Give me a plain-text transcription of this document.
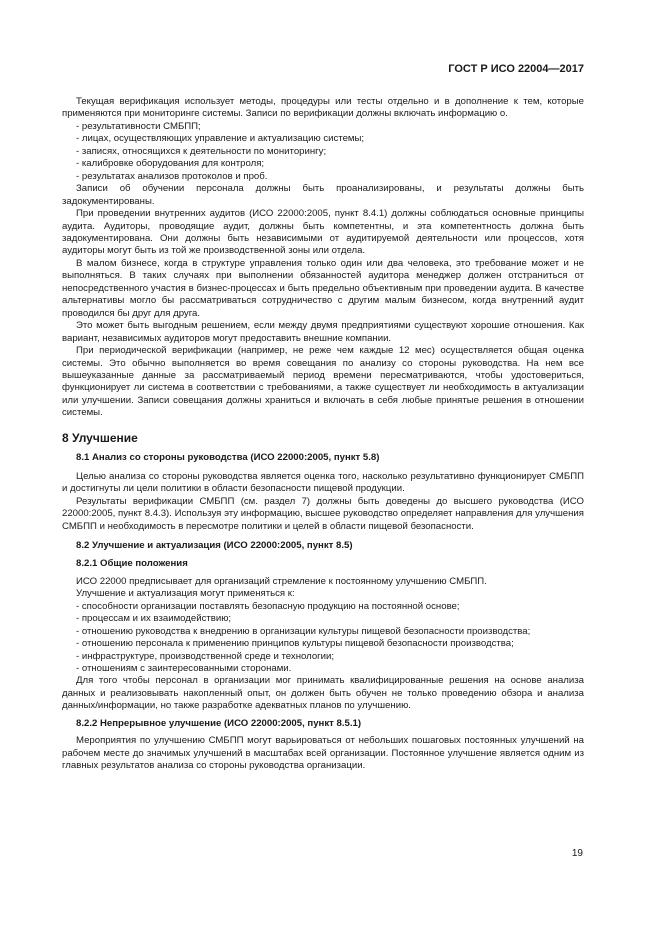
ГОСТ Р ИСО 22004—2017
Текущая верификация использует методы, процедуры или тесты отдельно и в дополнение к тем, которые применяются при мониторинге системы. Записи по верификации должны включать информацию о.
- результативности СМБПП;
- лицах, осуществляющих управление и актуализацию системы;
- записях, относящихся к деятельности по мониторингу;
- калибровке оборудования для контроля;
- результатах анализов протоколов и проб.
Записи об обучении персонала должны быть проанализированы, и результаты должны быть задокументированы.
При проведении внутренних аудитов (ИСО 22000:2005, пункт 8.4.1) должны соблюдаться основные принципы аудита. Аудиторы, проводящие аудит, должны быть компетентны, и эта компетентность должна быть задокументирована. Они должны быть независимыми от аудитируемой деятельности или процессов, хотя аудиторы могут быть из той же производственной зоны или отдела.
В малом бизнесе, когда в структуре управления только один или два человека, это требование может и не выполняться. В таких случаях при выполнении обязанностей аудитора менеджер должен отстраниться от непосредственного участия в бизнес-процессах и быть предельно объективным при проведении аудита. В качестве альтернативы могло бы рассматриваться сотрудничество с другим малым бизнесом, когда внутренний аудит проводился бы друг для друга.
Это может быть выгодным решением, если между двумя предприятиями существуют хорошие отношения. Как вариант, независимых аудиторов могут предоставить внешние компании.
При периодической верификации (например, не реже чем каждые 12 мес) осуществляется общая оценка системы. Это обычно выполняется во время совещания по анализу со стороны руководства. На нем все вышеуказанные данные за рассматриваемый период времени пересматриваются, чтобы удостовериться, функционирует ли система в соответствии с требованиями, а также существует ли необходимость в актуализации или улучшении. Записи совещания должны храниться и включать в себя любые принятые решения в отношении системы.
8 Улучшение
8.1 Анализ со стороны руководства (ИСО 22000:2005, пункт 5.8)
Целью анализа со стороны руководства является оценка того, насколько результативно функционирует СМБПП и достигнуты ли цели политики в области безопасности пищевой продукции.
Результаты верификации СМБПП (см. раздел 7) должны быть доведены до высшего руководства (ИСО 22000:2005, пункт 8.4.3). Используя эту информацию, высшее руководство определяет направления для улучшения СМБПП и необходимость в пересмотре политики и целей в области пищевой безопасности.
8.2 Улучшение и актуализация (ИСО 22000:2005, пункт 8.5)
8.2.1 Общие положения
ИСО 22000 предписывает для организаций стремление к постоянному улучшению СМБПП.
Улучшение и актуализация могут применяться к:
- способности организации поставлять безопасную продукцию на постоянной основе;
- процессам и их взаимодействию;
- отношению руководства к внедрению в организации культуры пищевой безопасности производства;
- отношению персонала к применению принципов культуры пищевой безопасности производства;
- инфраструктуре, производственной среде и технологии;
- отношениям с заинтересованными сторонами.
Для того чтобы персонал в организации мог принимать квалифицированные решения на основе анализа данных и реализовывать накопленный опыт, он должен быть обучен не только проведению обзора и анализа данных/информации, но также разработке адекватных планов по улучшению.
8.2.2 Непрерывное улучшение (ИСО 22000:2005, пункт 8.5.1)
Мероприятия по улучшению СМБПП могут варьироваться от небольших пошаговых постоянных улучшений на рабочем месте до значимых улучшений в масштабах всей организации. Постоянное улучшение является одним из главных результатов анализа со стороны руководства организации.
19
